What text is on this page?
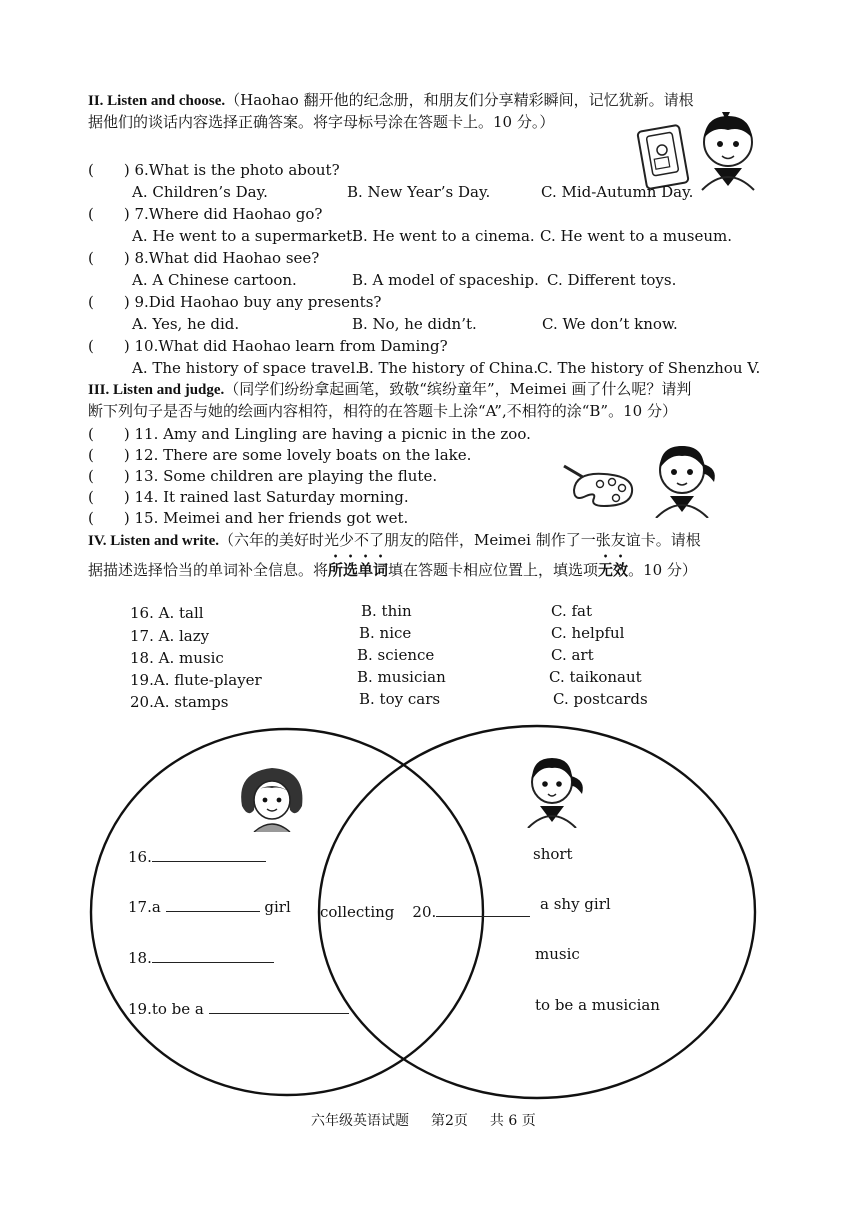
II. Listen and choose.（Haohao 翻开他的纪念册，和朋友们分享精彩瞬间，记忆犹新。请根
据他们的谈话内容选择正确答案。将字母标号涂在答题卡上。10 分。）
( ) 6.What is the photo about?
A. Children’s Day.	B. New Year’s Day.	C. Mid-Autumn Day.
( ) 7.Where did Haohao go?
A. He went to a supermarket.
B. He went to a cinema. C. He went to a museum.
( ) 8.What did Haohao see?
A. A Chinese cartoon.	B. A model of spaceship. C. Different toys.
( ) 9.Did Haohao buy any presents?
A. Yes, he did.	B. No, he didn’t.	C. We don’t know.
( ) 10.What did Haohao learn from Daming?
A. The history of space travel.
B. The history of China.
C. The history of Shenzhou V.
III. Listen and judge.（同学们纷纷拿起画笔，致敬“缤纷童年”，Meimei 画了什么呢？请判
断下列句子是否与她的绘画内容相符，相符的在答题卡上涂“A”,不相符的涂“B”。10 分）
( ) 11. Amy and Lingling are having a picnic in the zoo.
( ) 12. There are some lovely boats on the lake.
( ) 13. Some children are playing the flute.
( ) 14. It rained last Saturday morning.
( ) 15. Meimei and her friends got wet.
IV. Listen and write.（六年的美好时光少不了朋友的陪伴，Meimei 制作了一张友谊卡。请根
据描述选择恰当的单词补全信息。将所选单词填在答题卡相应位置上，填选项无效。10 分）
16. A. tall	B. thin	C. fat
17. A. lazy	B. nice	C. helpful
18. A. music	B. science	C. art
19.A. flute-player	B. musician	C. taikonaut
20.A. stamps	B. toy cars	C. postcards
16.
17.a	girl
18.
19.to be a
collecting 20.
short
a shy girl
music
to be a musician
六年级英语试题 第2页 共 6 页
